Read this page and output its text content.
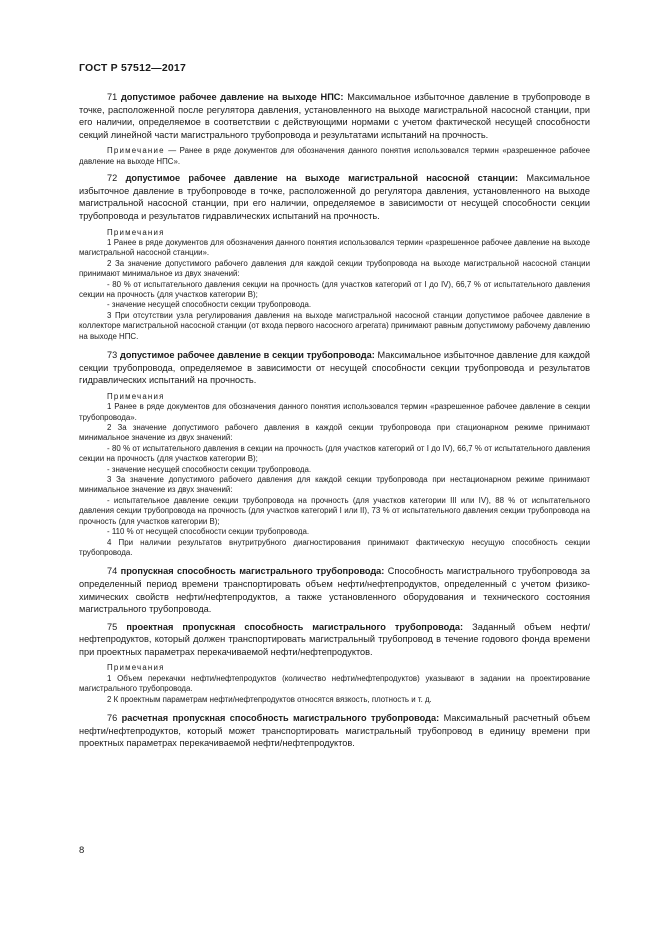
ГОСТ Р 57512—2017

71 допустимое рабочее давление на выходе НПС: Максимальное избыточное давление в трубопроводе в точке, расположенной после регулятора давления, установленного на выходе магистральной насосной станции, при его наличии, определяемое в соответствии с действующими нормами с учетом фактической несущей способности секций линейной части магистрального трубопровода и результатами испытаний на прочность.

Примечание — Ранее в ряде документов для обозначения данного понятия использовался термин «разрешенное рабочее давление на выходе НПС».

72 допустимое рабочее давление на выходе магистральной насосной станции: Максимальное избыточное давление в трубопроводе в точке, расположенной до регулятора давления, установленного на выходе магистральной насосной станции, при его наличии, определяемое в зависимости от несущей способности секции трубопровода и результатов гидравлических испытаний на прочность.

Примечания

1 Ранее в ряде документов для обозначения данного понятия использовался термин «разрешенное рабочее давление на выходе магистральной насосной станции».

2 За значение допустимого рабочего давления для каждой секции трубопровода на выходе магистральной насосной станции принимают минимальное из двух значений:

- 80 % от испытательного давления секции на прочность (для участков категорий от I до IV), 66,7 % от испытательного давления секции на прочность (для участков категории В);

- значение несущей способности секции трубопровода.

3 При отсутствии узла регулирования давления на выходе магистральной насосной станции допустимое рабочее давление в коллекторе магистральной насосной станции (от входа первого насосного агрегата) принимают равным допустимому рабочему давлению на выходе НПС.

73 допустимое рабочее давление в секции трубопровода: Максимальное избыточное давление для каждой секции трубопровода, определяемое в зависимости от несущей способности секции трубопровода и результатов гидравлических испытаний на прочность.

Примечания

1 Ранее в ряде документов для обозначения данного понятия использовался термин «разрешенное рабочее давление в секции трубопровода».

2 За значение допустимого рабочего давления в каждой секции трубопровода при стационарном режиме принимают минимальное значение из двух значений:

- 80 % от испытательного давления в секции на прочность (для участков категорий от I до IV), 66,7 % от испытательного давления секции на прочность (для участков категории В);

- значение несущей способности секции трубопровода.

3 За значение допустимого рабочего давления для каждой секции трубопровода при нестационарном режиме принимают минимальное значение из двух значений:

- испытательное давление секции трубопровода на прочность (для участков категории III или IV), 88 % от испытательного давления секции трубопровода на прочность (для участков категорий I или II), 73 % от испытательного давления секции трубопровода на прочность (для участков категории В);

- 110 % от несущей способности секции трубопровода.

4 При наличии результатов внутритрубного диагностирования принимают фактическую несущую способность секции трубопровода.

74 пропускная способность магистрального трубопровода: Способность магистрального трубопровода за определенный период времени транспортировать объем нефти/нефтепродуктов, определенный с учетом физико-химических свойств нефти/нефтепродуктов, а также установленного оборудования и технического состояния магистрального трубопровода.

75 проектная пропускная способность магистрального трубопровода: Заданный объем нефти/нефтепродуктов, который должен транспортировать магистральный трубопровод в течение годового фонда времени при проектных параметрах перекачиваемой нефти/нефтепродуктов.

Примечания

1 Объем перекачки нефти/нефтепродуктов (количество нефти/нефтепродуктов) указывают в задании на проектирование магистрального трубопровода.

2 К проектным параметрам нефти/нефтепродуктов относятся вязкость, плотность и т. д.

76 расчетная пропускная способность магистрального трубопровода: Максимальный расчетный объем нефти/нефтепродуктов, который может транспортировать магистральный трубопровод в единицу времени при проектных параметрах перекачиваемой нефти/нефтепродуктов.

8
